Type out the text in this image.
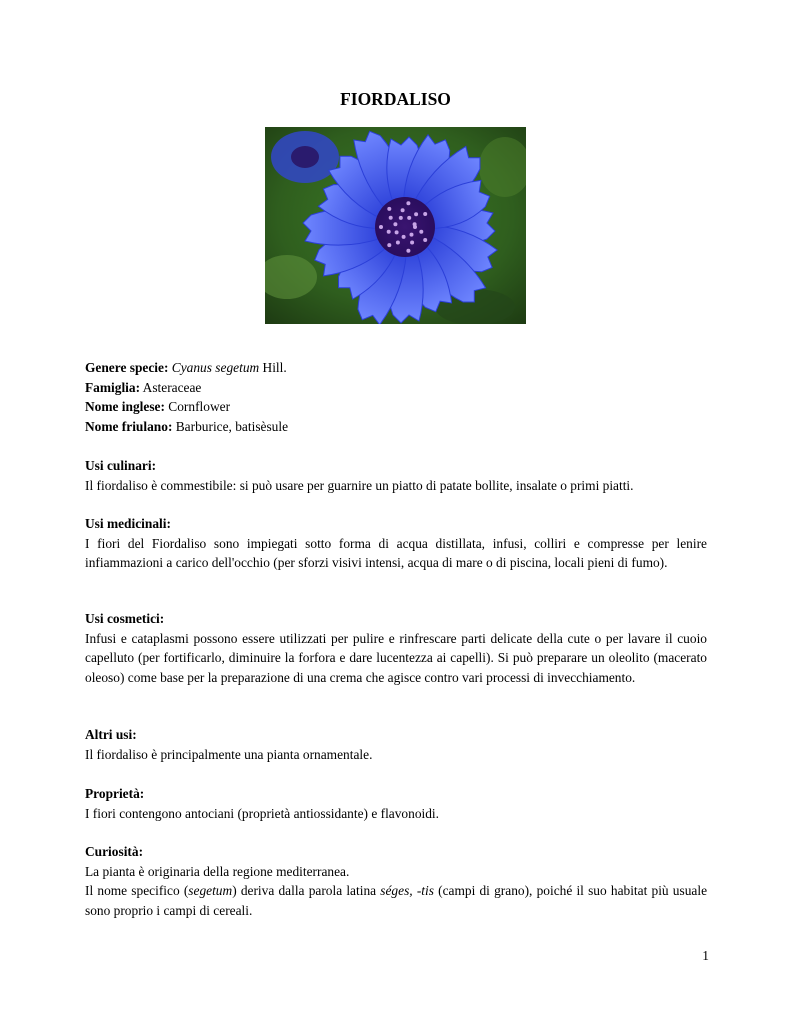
FIORDALISO

Genere specie: Cyanus segetum Hill.

Famiglia: Asteraceae

Nome inglese: Cornflower

Nome friulano: Barburice, batisèsule

Usi culinari:

Il fiordaliso è commestibile: si può usare per guarnire un piatto di patate bollite, insalate o primi piatti.

Usi medicinali:

I fiori del Fiordaliso sono impiegati sotto forma di acqua distillata, infusi, colliri e compresse per lenire infiammazioni a carico dell'occhio (per sforzi visivi intensi, acqua di mare o di piscina, locali pieni di fumo).

Usi cosmetici:

Infusi e cataplasmi possono essere utilizzati per pulire e rinfrescare parti delicate della cute o per lavare il cuoio capelluto (per fortificarlo, diminuire la forfora e dare lucentezza ai capelli). Si può preparare un oleolito (macerato oleoso) come base per la preparazione di una crema che agisce contro vari processi di invecchiamento.

Altri usi:

Il fiordaliso è principalmente una pianta ornamentale.

Proprietà:

I fiori contengono antociani (proprietà antiossidante) e flavonoidi.

Curiosità:

La pianta è originaria della regione mediterranea.

Il nome specifico (segetum) deriva dalla parola latina séges, -tis (campi di grano), poiché il suo habitat più usuale sono proprio i campi di cereali.

1
